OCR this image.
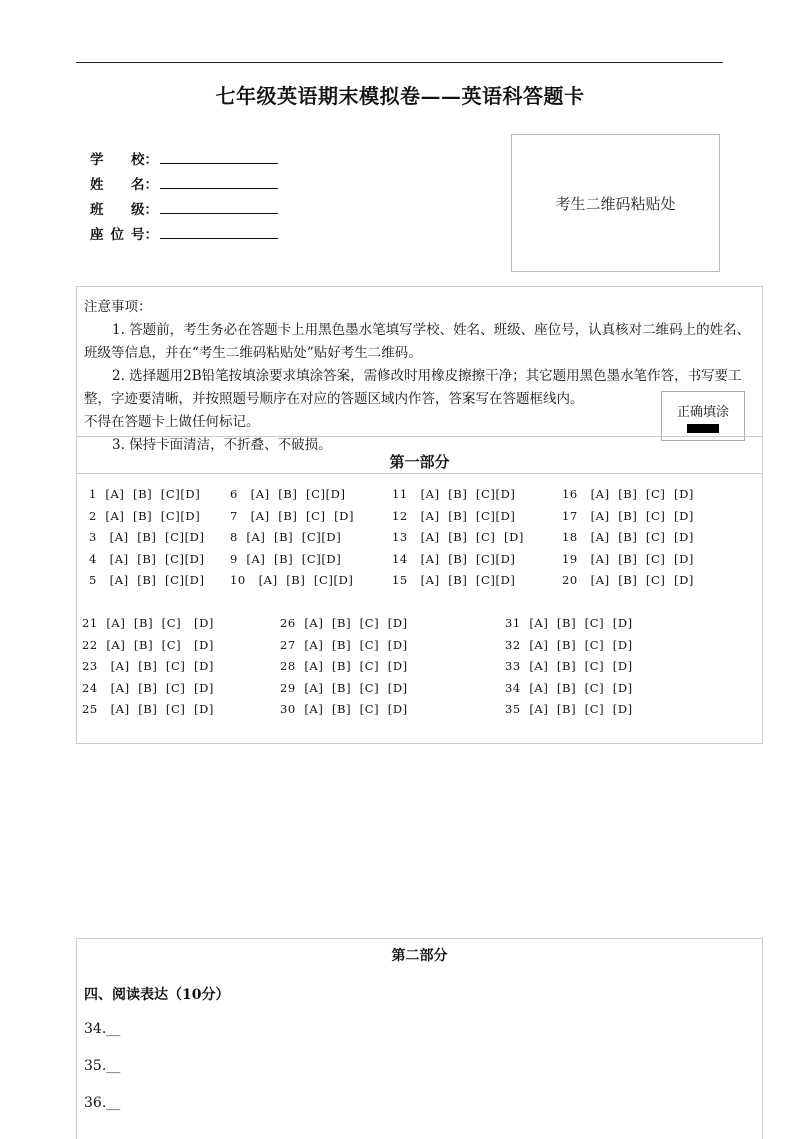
七年级英语期末模拟卷——英语科答题卡
学 校：
姓 名：
班 级：
座 位 号：
考生二维码粘贴处

注意事项：

1. 答题前，考生务必在答题卡上用黑色墨水笔填写学校、姓名、班级、座位号，认真核对二维码上的姓名、班级等信息，并在“考生二维码粘贴处”贴好考生二维码。

2. 选择题用2B铅笔按填涂要求填涂答案，需修改时用橡皮擦擦干净；其它题用黑色墨水笔作答，书写要工整，字迹要清晰，并按照题号顺序在对应的答题区域内作答，答案写在答题框线内。

不得在答题卡上做任何标记。

3. 保持卡面清洁，不折叠、不破损。

正确填涂
第一部分
1  [A]  [B]  [C][D]	6   [A]  [B]  [C][D]	11   [A]  [B]  [C][D]	16   [A]  [B]  [C]  [D]
2  [A]  [B]  [C][D]	7   [A]  [B]  [C]  [D]	12   [A]  [B]  [C][D]	17   [A]  [B]  [C]  [D]
3   [A]  [B]  [C][D] 8  [A]  [B]  [C][D]	13   [A]  [B]  [C]  [D]	18   [A]  [B]  [C]  [D]
4   [A]  [B]  [C][D] 9  [A]  [B]  [C][D]	14   [A]  [B]  [C][D]	19   [A]  [B]  [C]  [D]
5   [A]  [B]  [C][D] 10   [A]  [B]  [C][D]	15   [A]  [B]  [C][D]	20   [A]  [B]  [C]  [D]
21  [A]  [B]  [C]   [D]	26  [A]  [B]  [C]  [D]	31  [A]  [B]  [C]  [D]
22  [A]  [B]  [C]   [D]	27  [A]  [B]  [C]  [D]	32  [A]  [B]  [C]  [D]
23   [A]  [B]  [C]  [D]	28  [A]  [B]  [C]  [D]	33  [A]  [B]  [C]  [D]
24   [A]  [B]  [C]  [D]	29  [A]  [B]  [C]  [D]	34  [A]  [B]  [C]  [D]
25   [A]  [B]  [C]  [D]	30  [A]  [B]  [C]  [D]	35  [A]  [B]  [C]  [D]
第二部分
四、阅读表达（10分）
34.__
35.__
36.__
